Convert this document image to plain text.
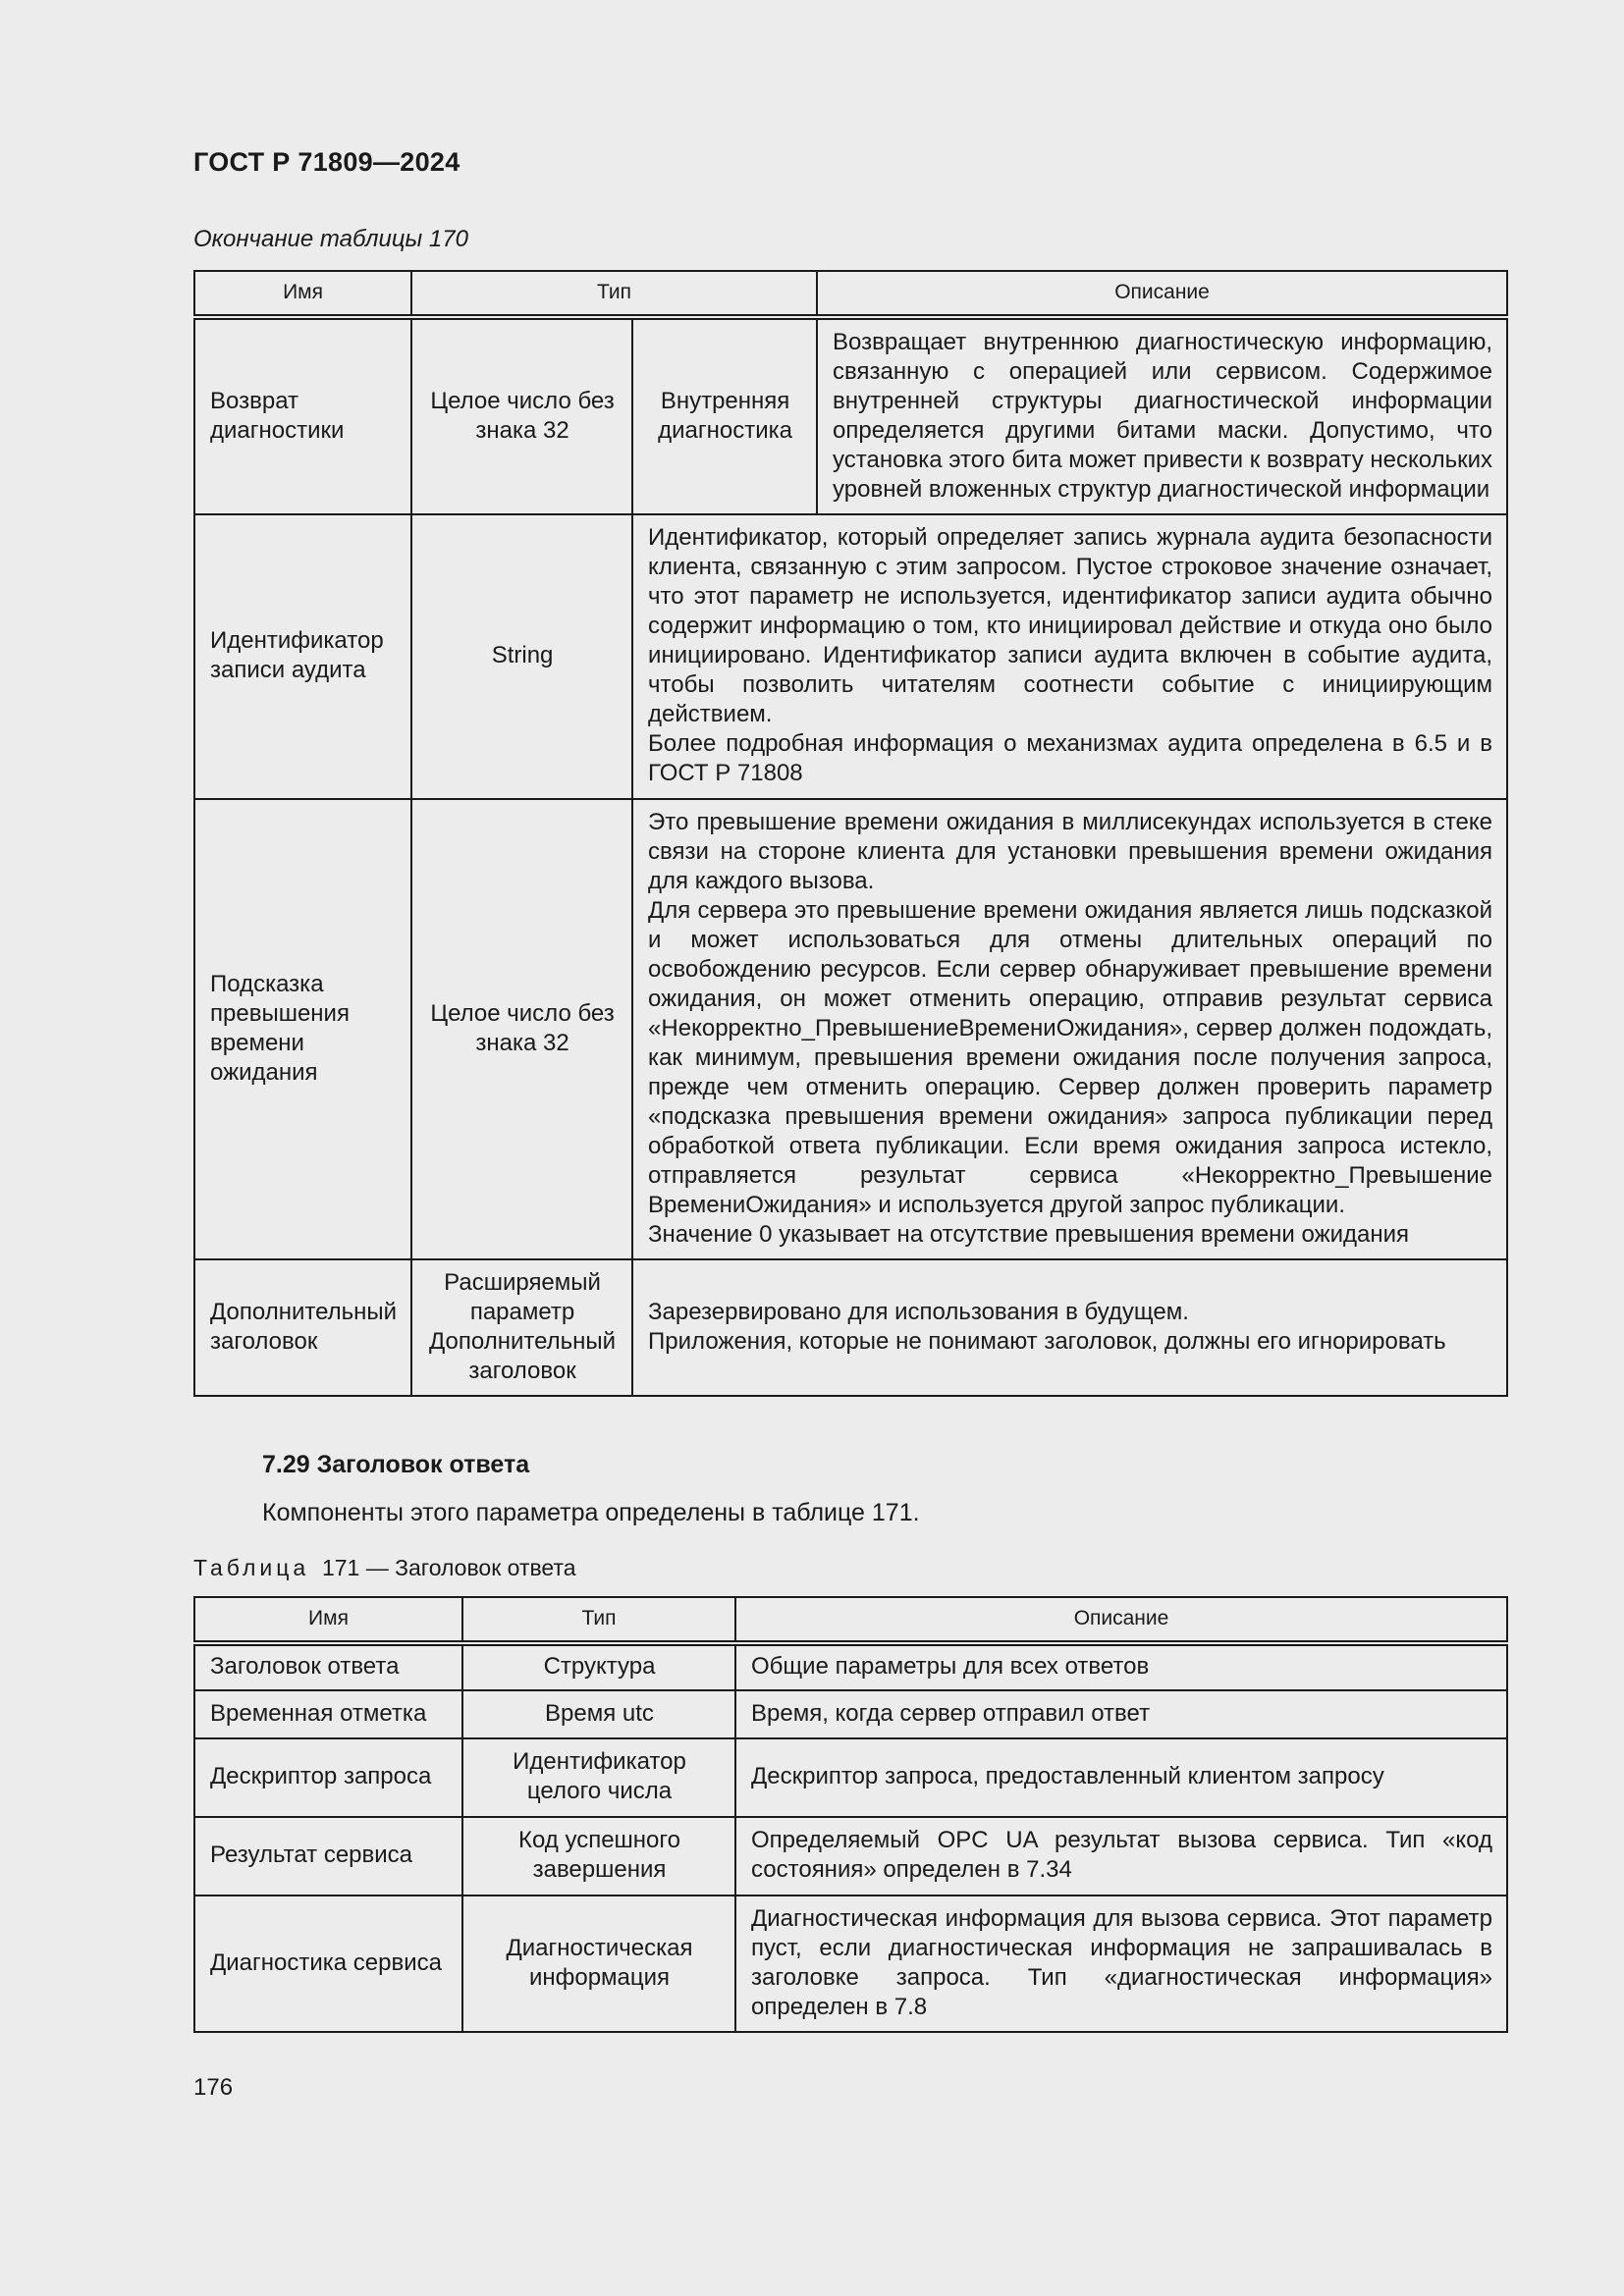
ГОСТ Р 71809—2024
Окончание таблицы 170
Имя	Тип		Описание
Возврат диагностики	Целое число без знака 32	Внутренняя диагностика	Возвращает внутреннюю диагностическую информацию, связанную с операцией или сервисом. Содержимое внутренней структуры диагностической информации определяется другими битами маски. Допустимо, что установка этого бита может привести к возврату нескольких уровней вложенных структур диагностической информации

Идентификатор записи аудита	String	Идентификатор, который определяет запись журнала аудита безопасности клиента, связанную с этим запросом. Пустое строковое значение означает, что этот параметр не используется, идентификатор записи аудита обычно содержит информацию о том, кто инициировал действие и откуда оно было инициировано. Идентификатор записи аудита включен в событие аудита, чтобы позволить читателям соотнести событие с инициирующим действием.
Более подробная информация о механизмах аудита определена в 6.5 и в ГОСТ Р 71808	

Подсказка превышения времени ожидания	Целое число без знака 32	Это превышение времени ожидания в миллисекундах используется в стеке связи на стороне клиента для установки превышения времени ожидания для каждого вызова.
Для сервера это превышение времени ожидания является лишь подсказкой и может использоваться для отмены длительных операций по освобождению ресурсов. Если сервер обнаруживает превышение времени ожидания, он может отменить операцию, отправив результат сервиса «Некорректно_ПревышениеВремениОжидания», сервер должен подождать, как минимум, превышения времени ожидания после получения запроса, прежде чем отменить операцию. Сервер должен проверить параметр «подсказка превышения времени ожидания» запроса публикации перед обработкой ответа публикации. Если время ожидания запроса истекло, отправляется результат сервиса «Некорректно_Превышение ВремениОжидания» и используется другой запрос публикации.
Значение 0 указывает на отсутствие превышения времени ожидания	

Дополнительный заголовок	Расширяемый параметр Дополнительный заголовок	Зарезервировано для использования в будущем.
Приложения, которые не понимают заголовок, должны его игнорировать	
7.29 Заголовок ответа
Компоненты этого параметра определены в таблице 171.
Таблица 171 — Заголовок ответа
Имя	Тип	Описание
Заголовок ответа	Структура	Общие параметры для всех ответов
Временная отметка	Время utc	Время, когда сервер отправил ответ
Дескриптор запроса	Идентификатор целого числа	Дескриптор запроса, предоставленный клиентом запросу
Результат сервиса	Код успешного завершения	Определяемый OPC UA результат вызова сервиса. Тип «код состояния» определен в 7.34
Диагностика сервиса	Диагностическая информация	Диагностическая информация для вызова сервиса. Этот параметр пуст, если диагностическая информация не запрашивалась в заголовке запроса. Тип «диагностическая информация» определен в 7.8
176
